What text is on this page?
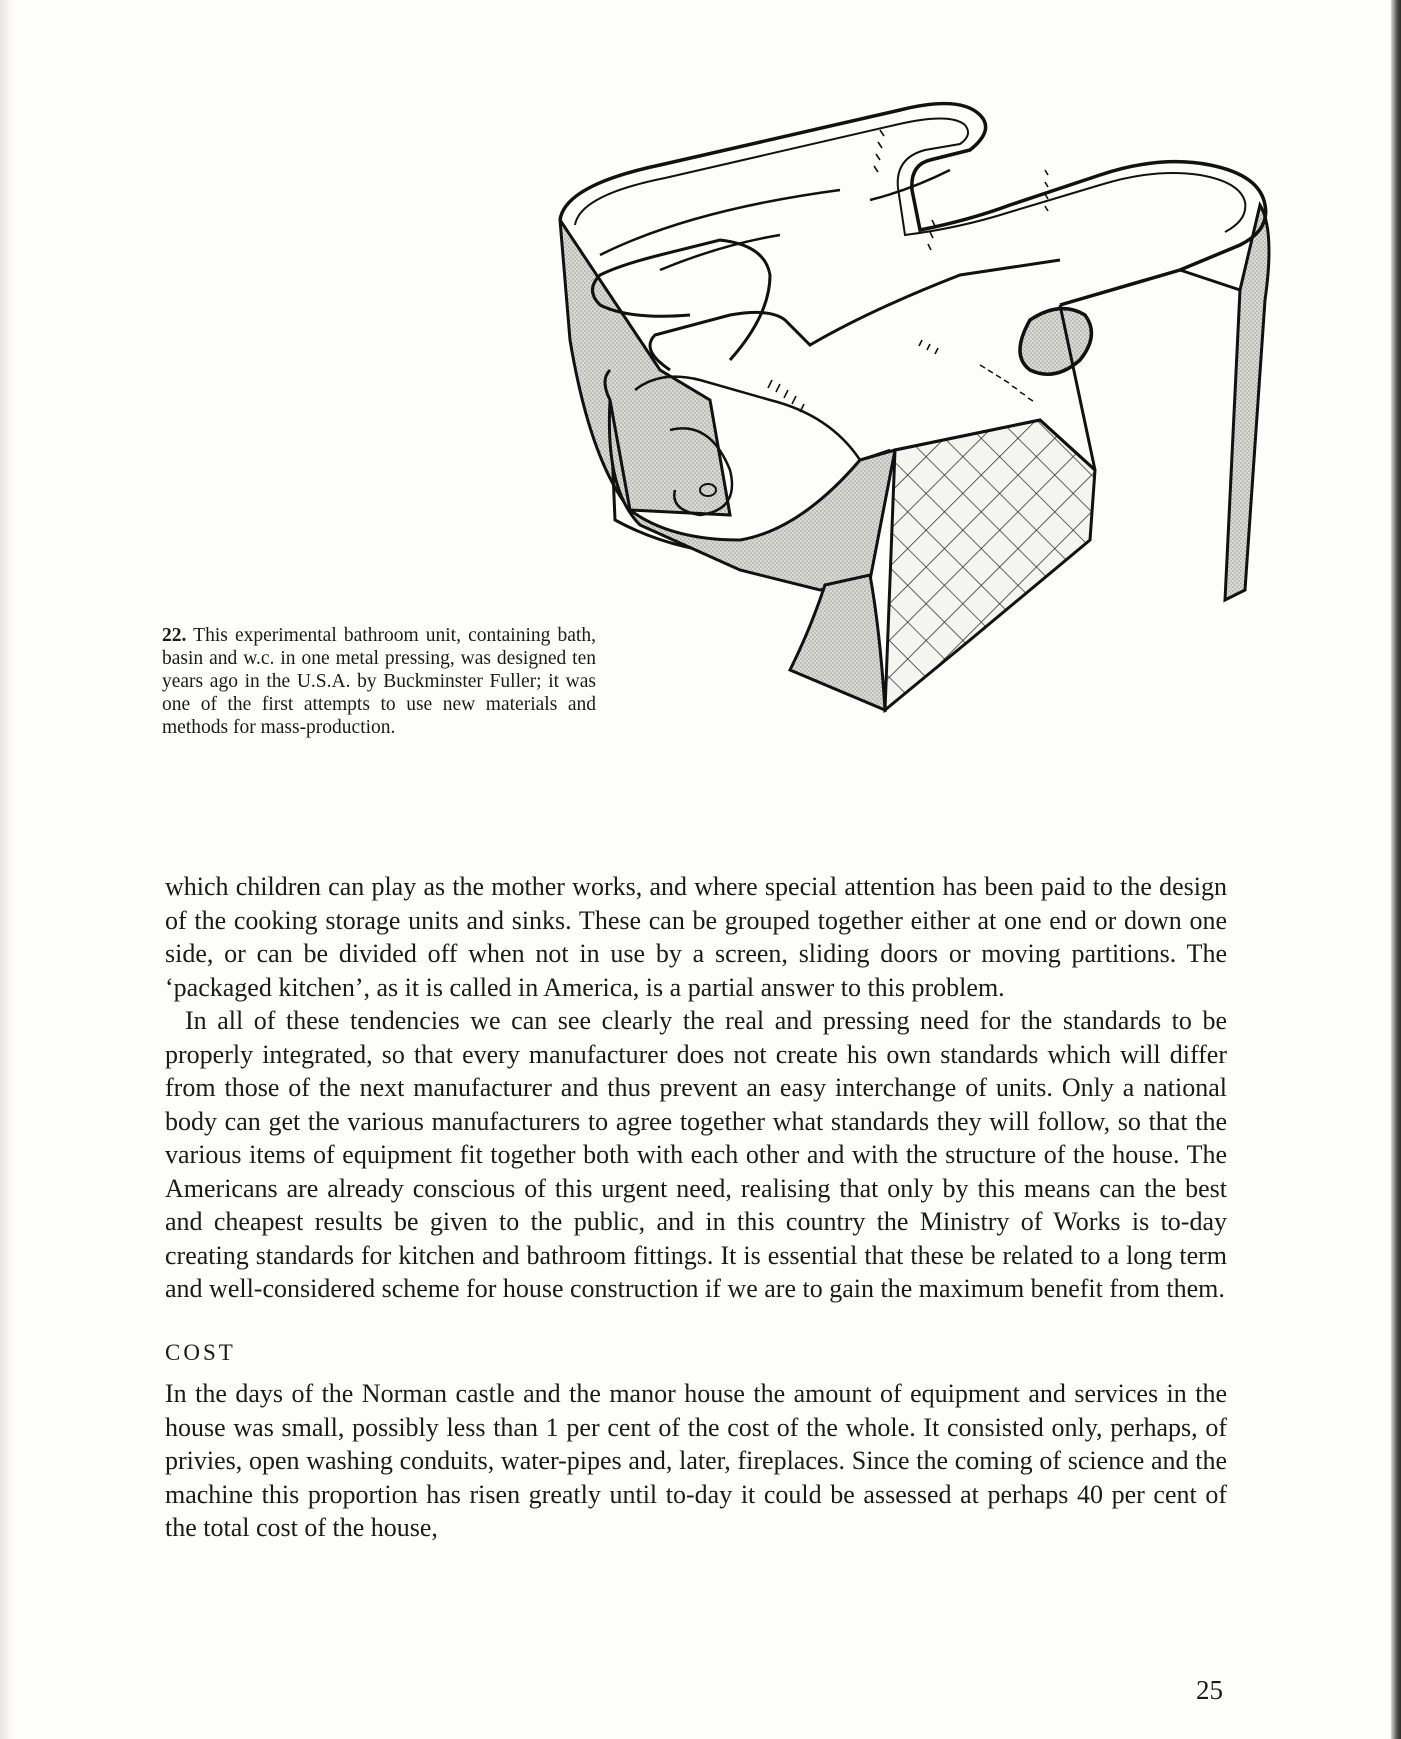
22. This experimental bathroom unit, containing bath, basin and w.c. in one metal pressing, was designed ten years ago in the U.S.A. by Buckminster Fuller; it was one of the first attempts to use new materials and methods for mass-production.

which children can play as the mother works, and where special attention has been paid to the design of the cooking storage units and sinks. These can be grouped together either at one end or down one side, or can be divided off when not in use by a screen, sliding doors or moving partitions. The ‘packaged kitchen’, as it is called in America, is a partial answer to this problem.

In all of these tendencies we can see clearly the real and pressing need for the standards to be properly integrated, so that every manufacturer does not create his own standards which will differ from those of the next manufacturer and thus prevent an easy interchange of units. Only a national body can get the various manufacturers to agree together what standards they will follow, so that the various items of equipment fit together both with each other and with the structure of the house. The Americans are already conscious of this urgent need, realising that only by this means can the best and cheapest results be given to the public, and in this country the Ministry of Works is to-day creating standards for kitchen and bathroom fittings. It is essential that these be related to a long term and well-considered scheme for house construction if we are to gain the maximum benefit from them.

COST

In the days of the Norman castle and the manor house the amount of equipment and services in the house was small, possibly less than 1 per cent of the cost of the whole. It consisted only, perhaps, of privies, open washing conduits, water-pipes and, later, fireplaces. Since the coming of science and the machine this proportion has risen greatly until to-day it could be assessed at perhaps 40 per cent of the total cost of the house,

25
